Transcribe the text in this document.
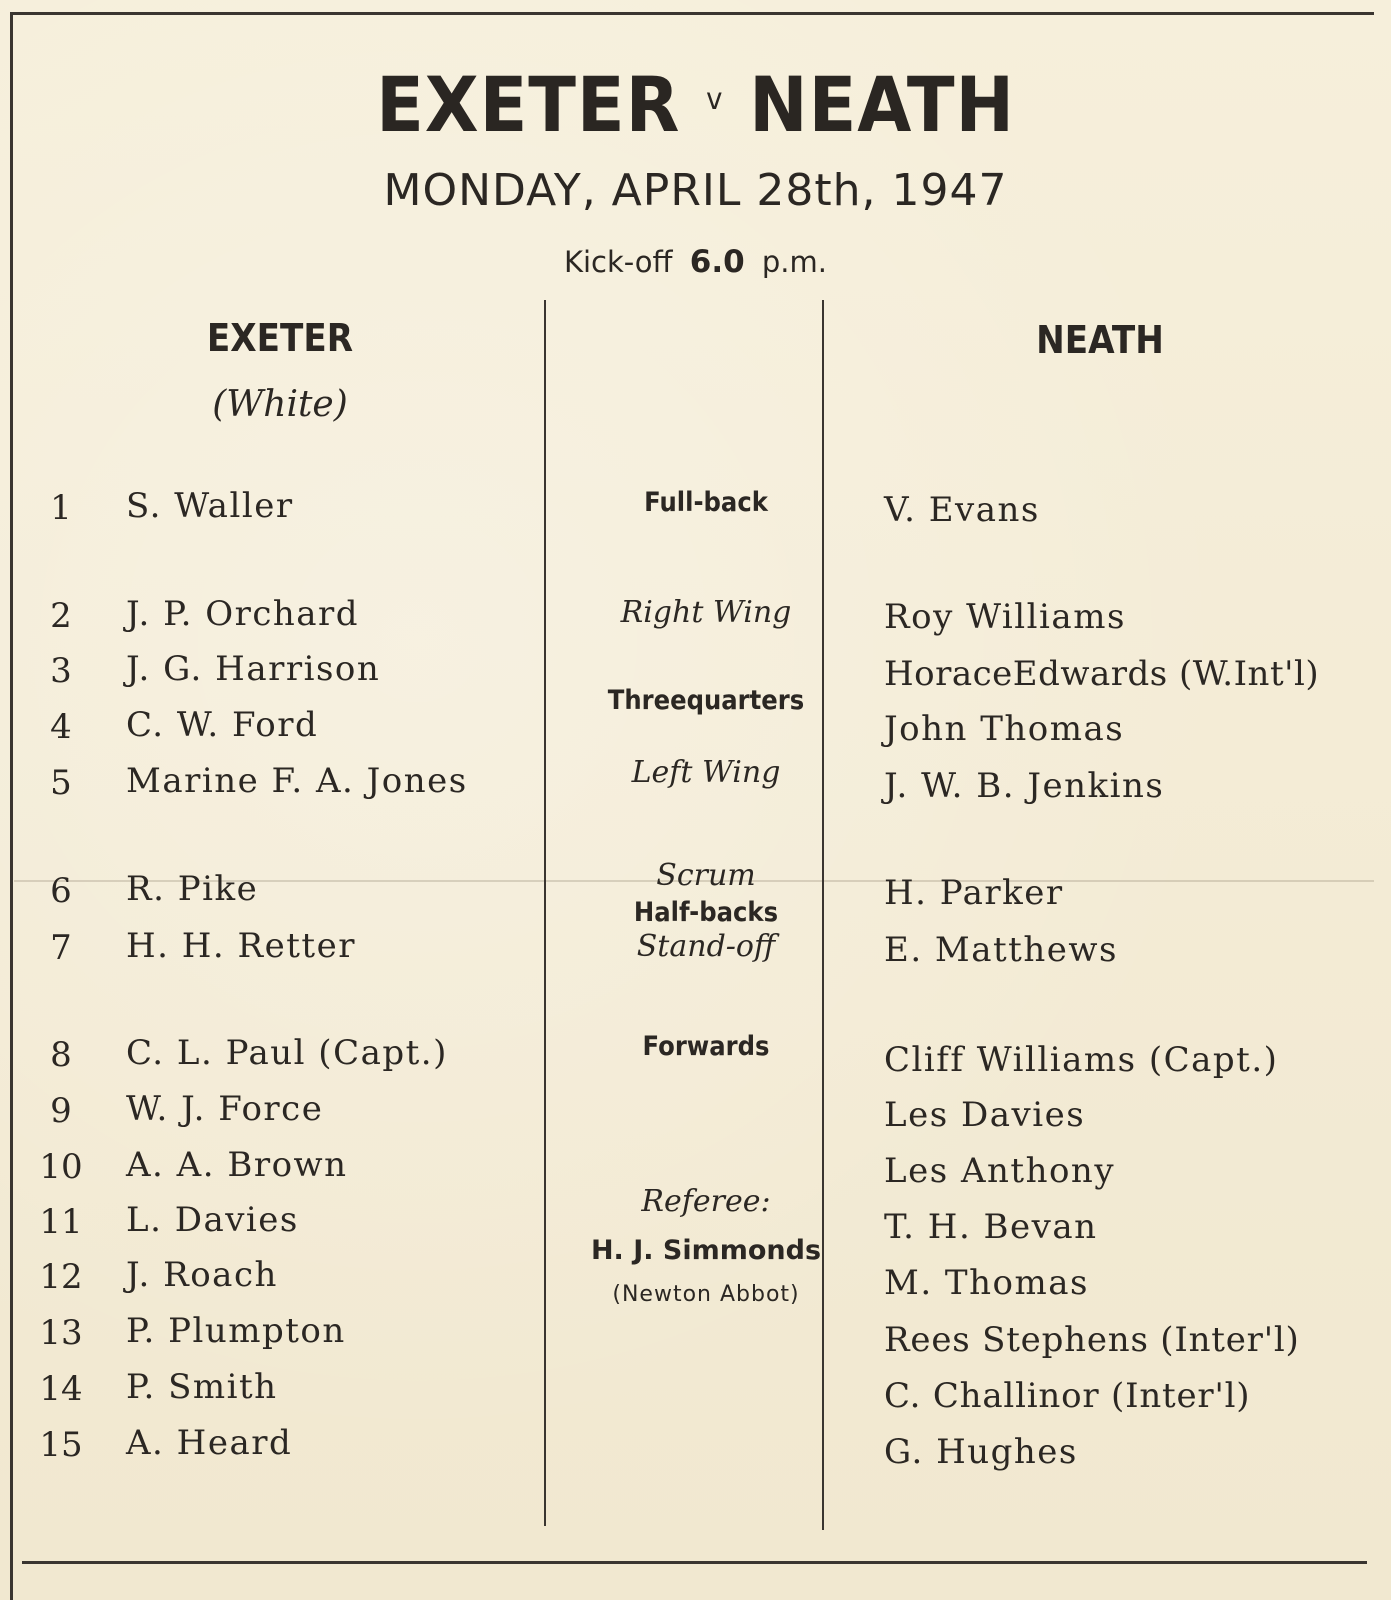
EXETER $^v$ NEATH
MONDAY, APRIL 28th, 1947
Kick-off 6.0 p.m.
EXETER
(White)
NEATH
1
2
3
4
5
6
7
8
9
10
11
12
13
14
15
S. Waller
J. P. Orchard
J. G. Harrison
C. W. Ford
Marine F. A. Jones
R. Pike
H. H. Retter
C. L. Paul (Capt.)
W. J. Force
A. A. Brown
L. Davies
J. Roach
P. Plumpton
P. Smith
A. Heard
Full-back
Right Wing
Threequarters
Left Wing
Scrum
Half-backs
Stand-off
Forwards
Referee:
H. J. Simmonds
(Newton Abbot)
V. Evans
Roy Williams
HoraceEdwards (W.Int'l)
John Thomas
J. W. B. Jenkins
H. Parker
E. Matthews
Cliff Williams (Capt.)
Les Davies
Les Anthony
T. H. Bevan
M. Thomas
Rees Stephens (Inter'l)
C. Challinor (Inter'l)
G. Hughes
